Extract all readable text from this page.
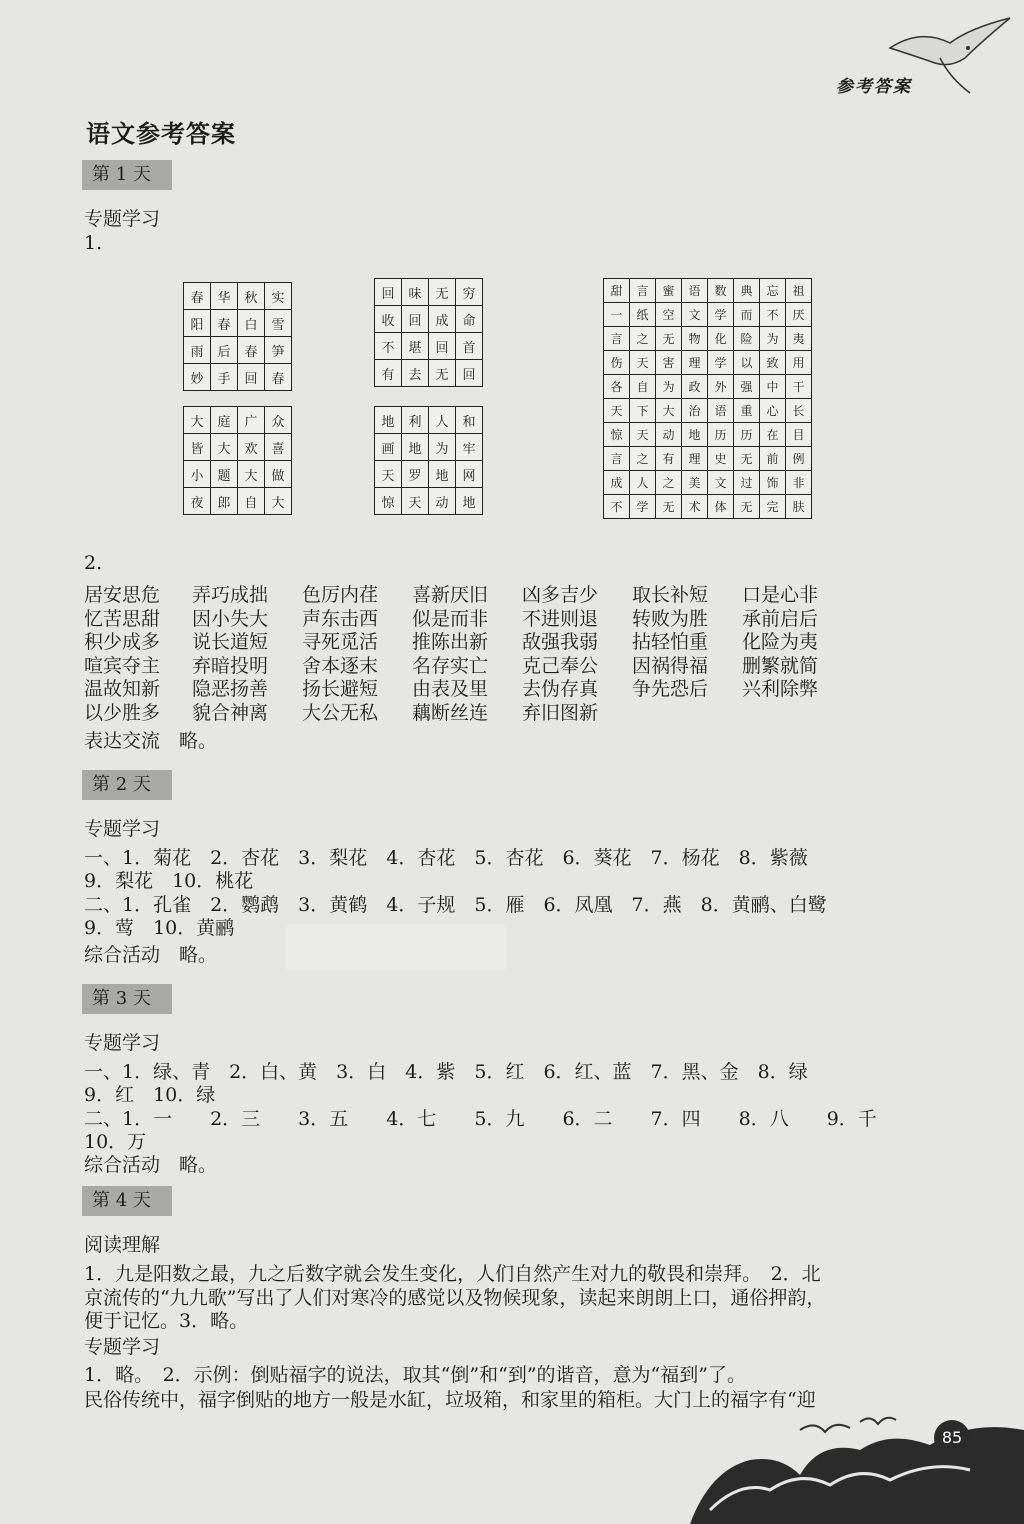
参考答案
语文参考答案
第 1 天
专题学习
1.
春	华	秋	实
阳	春	白	雪
雨	后	春	笋
妙	手	回	春
大	庭	广	众
皆	大	欢	喜
小	题	大	做
夜	郎	自	大
回	味	无	穷
收	回	成	命
不	堪	回	首
有	去	无	回
地	利	人	和
画	地	为	牢
天	罗	地	网
惊	天	动	地
甜	言	蜜	语	数	典	忘	祖
一	纸	空	文	学	而	不	厌
言	之	无	物	化	险	为	夷
伤	天	害	理	学	以	致	用
各	自	为	政	外	强	中	干
天	下	大	治	语	重	心	长
惊	天	动	地	历	历	在	目
言	之	有	理	史	无	前	例
成	人	之	美	文	过	饰	非
不	学	无	术	体	无	完	肤
2.
居安思危 弄巧成拙 色厉内荏 喜新厌旧 凶多吉少 取长补短 口是心非
忆苦思甜 因小失大 声东击西 似是而非 不进则退 转败为胜 承前启后
积少成多 说长道短 寻死觅活 推陈出新 敌强我弱 拈轻怕重 化险为夷
喧宾夺主 弃暗投明 舍本逐末 名存实亡 克己奉公 因祸得福 删繁就简
温故知新 隐恶扬善 扬长避短 由表及里 去伪存真 争先恐后 兴利除弊
以少胜多 貌合神离 大公无私 藕断丝连 弃旧图新
表达交流　略。
第 2 天
专题学习
一、1．菊花　2．杏花　3．梨花　4．杏花　5．杏花　6．葵花　7．杨花　8．紫薇
9．梨花　10．桃花
二、1．孔雀　2．鹦鹉　3．黄鹤　4．子规　5．雁　6．凤凰　7．燕　8．黄鹂、白鹭
9．莺　10．黄鹂
综合活动　略。
第 3 天
专题学习
一、1．绿、青　2．白、黄　3．白　4．紫　5．红　6．红、蓝　7．黑、金　8．绿
9．红　10．绿
二、1．一　　2．三　　3．五　　4．七　　5．九　　6．二　　7．四　　8．八　　9．千
10．万
综合活动　略。
第 4 天
阅读理解
1．九是阳数之最，九之后数字就会发生变化，人们自然产生对九的敬畏和崇拜。　2．北
京流传的“九九歌”写出了人们对寒冷的感觉以及物候现象，读起来朗朗上口，通俗押韵，
便于记忆。3．略。
专题学习
1．略。　2．示例：倒贴福字的说法，取其“倒”和“到”的谐音，意为“福到”了。
民俗传统中，福字倒贴的地方一般是水缸，垃圾箱，和家里的箱柜。大门上的福字有“迎
85
